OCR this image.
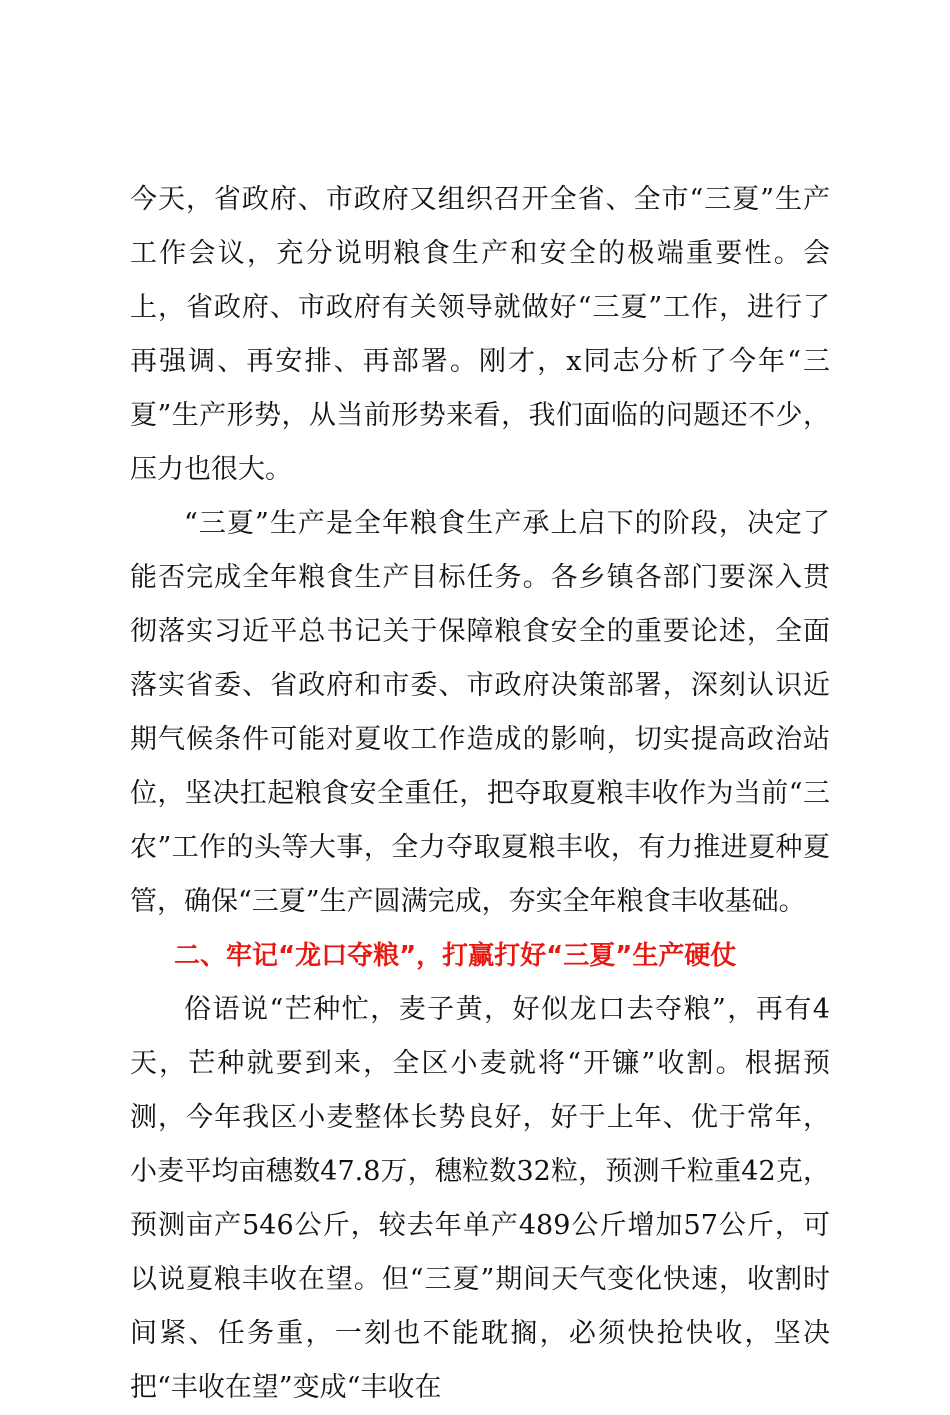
今天，省政府、市政府又组织召开全省、全市“三夏”生产工作会议，充分说明粮食生产和安全的极端重要性。会上，省政府、市政府有关领导就做好“三夏”工作，进行了再强调、再安排、再部署。刚才，x同志分析了今年“三夏”生产形势，从当前形势来看，我们面临的问题还不少，压力也很大。

“三夏”生产是全年粮食生产承上启下的阶段，决定了能否完成全年粮食生产目标任务。各乡镇各部门要深入贯彻落实习近平总书记关于保障粮食安全的重要论述，全面落实省委、省政府和市委、市政府决策部署，深刻认识近期气候条件可能对夏收工作造成的影响，切实提高政治站位，坚决扛起粮食安全重任，把夺取夏粮丰收作为当前“三农”工作的头等大事，全力夺取夏粮丰收，有力推进夏种夏管，确保“三夏”生产圆满完成，夯实全年粮食丰收基础。

二、牢记“龙口夺粮”，打赢打好“三夏”生产硬仗

俗语说“芒种忙，麦子黄，好似龙口去夺粮”，再有4天，芒种就要到来，全区小麦就将“开镰”收割。根据预测，今年我区小麦整体长势良好，好于上年、优于常年，小麦平均亩穗数47.8万，穗粒数32粒，预测千粒重42克，预测亩产546公斤，较去年单产489公斤增加57公斤，可以说夏粮丰收在望。但“三夏”期间天气变化快速，收割时间紧、任务重，一刻也不能耽搁，必须快抢快收，坚决把“丰收在望”变成“丰收在
